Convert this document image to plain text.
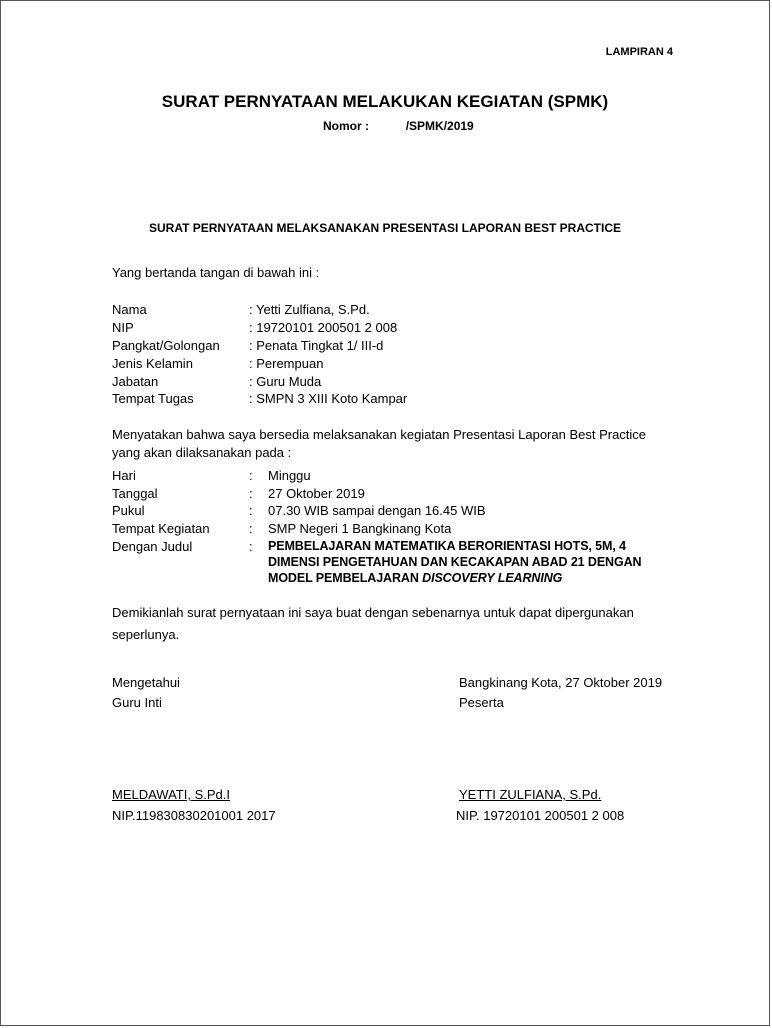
LAMPIRAN 4
SURAT PERNYATAAN MELAKUKAN KEGIATAN (SPMK)
Nomor :	/SPMK/2019
SURAT PERNYATAAN MELAKSANAKAN PRESENTASI LAPORAN BEST PRACTICE
Yang bertanda tangan di bawah ini :
Nama	: Yetti Zulfiana, S.Pd.
NIP	: 19720101 200501 2 008
Pangkat/Golongan : Penata Tingkat 1/ III-d
Jenis Kelamin	: Perempuan
Jabatan	: Guru Muda
Tempat Tugas	: SMPN 3 XIII Koto Kampar
Menyatakan bahwa saya bersedia melaksanakan kegiatan Presentasi Laporan Best Practice
yang akan dilaksanakan pada :
Hari	: Minggu
Tanggal	: 27 Oktober 2019
Pukul	: 07.30 WIB sampai dengan 16.45 WIB
Tempat Kegiatan	: SMP Negeri 1 Bangkinang Kota
Dengan Judul	:	PEMBELAJARAN MATEMATIKA BERORIENTASI HOTS, 5M, 4
DIMENSI PENGETAHUAN DAN KECAKAPAN ABAD 21 DENGAN
MODEL PEMBELAJARAN DISCOVERY LEARNING
Demikianlah surat pernyataan ini saya buat dengan sebenarnya untuk dapat dipergunakan
seperlunya.
Mengetahui
Guru Inti
MELDAWATI, S.Pd.I
NIP.119830830201001 2017
Bangkinang Kota, 27 Oktober 2019
Peserta
YETTI ZULFIANA, S.Pd.
NIP. 19720101 200501 2 008
